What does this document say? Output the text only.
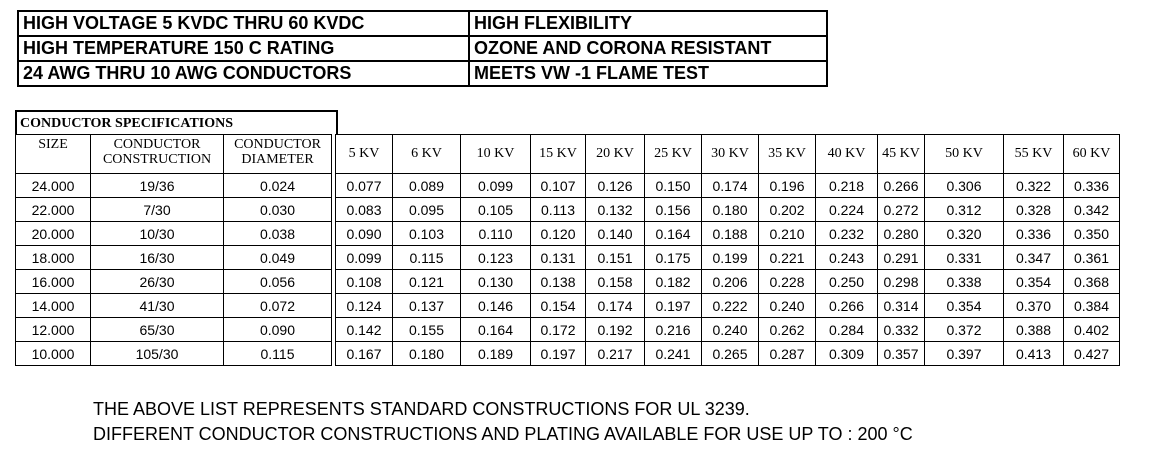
HIGH VOLTAGE 5 KVDC THRU 60 KVDC	HIGH FLEXIBILITY
HIGH TEMPERATURE 150 C RATING	OZONE AND CORONA RESISTANT
24 AWG THRU 10 AWG CONDUCTORS	MEETS VW -1 FLAME TEST
CONDUCTOR SPECIFICATIONS
SIZE	CONDUCTOR CONSTRUCTION	CONDUCTOR DIAMETER		5 KV	6 KV	10 KV	15 KV	20 KV	25 KV	30 KV	35 KV	40 KV	45 KV	50 KV	55 KV	60 KV
24.000	19/36	0.024		0.077	0.089	0.099	0.107	0.126	0.150	0.174	0.196	0.218	0.266	0.306	0.322	0.336
22.000	7/30	0.030		0.083	0.095	0.105	0.113	0.132	0.156	0.180	0.202	0.224	0.272	0.312	0.328	0.342
20.000	10/30	0.038		0.090	0.103	0.110	0.120	0.140	0.164	0.188	0.210	0.232	0.280	0.320	0.336	0.350
18.000	16/30	0.049		0.099	0.115	0.123	0.131	0.151	0.175	0.199	0.221	0.243	0.291	0.331	0.347	0.361
16.000	26/30	0.056		0.108	0.121	0.130	0.138	0.158	0.182	0.206	0.228	0.250	0.298	0.338	0.354	0.368
14.000	41/30	0.072		0.124	0.137	0.146	0.154	0.174	0.197	0.222	0.240	0.266	0.314	0.354	0.370	0.384
12.000	65/30	0.090		0.142	0.155	0.164	0.172	0.192	0.216	0.240	0.262	0.284	0.332	0.372	0.388	0.402
10.000	105/30	0.115		0.167	0.180	0.189	0.197	0.217	0.241	0.265	0.287	0.309	0.357	0.397	0.413	0.427
THE ABOVE LIST REPRESENTS STANDARD CONSTRUCTIONS FOR UL 3239.
DIFFERENT CONDUCTOR CONSTRUCTIONS AND PLATING AVAILABLE FOR USE UP TO : 200 °C
